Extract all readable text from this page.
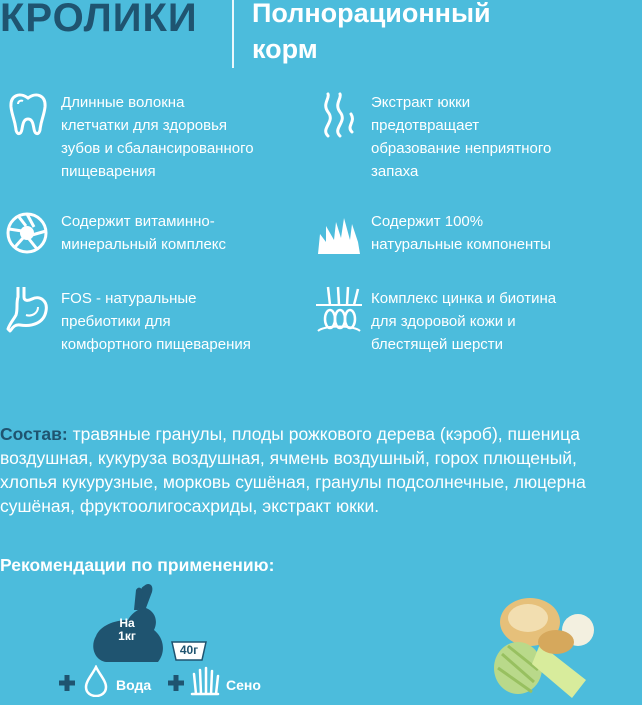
КРОЛИКИ Полнорационный
корм
Длинные волокна
клетчатки для здоровья
зубов и сбалансированного
пищеварения
Экстракт юкки
предотвращает
образование неприятного
запаха
Содержит витаминно-
минеральный комплекс
Содержит 100%
натуральные компоненты
FOS - натуральные
пребиотики для
комфортного пищеварения
Комплекс цинка и биотина
для здоровой кожи и
блестящей шерсти
Состав: травяные гранулы, плоды рожкового дерева (кэроб), пшеница
воздушная, кукуруза воздушная, ячмень воздушный, горох плющеный,
хлопья кукурузные, морковь сушёная, гранулы подсолнечные, люцерна
сушёная, фруктоолигосахриды, экстракт юкки.
Рекомендации по применению:
На
1кг
40г
Вода	Сено
